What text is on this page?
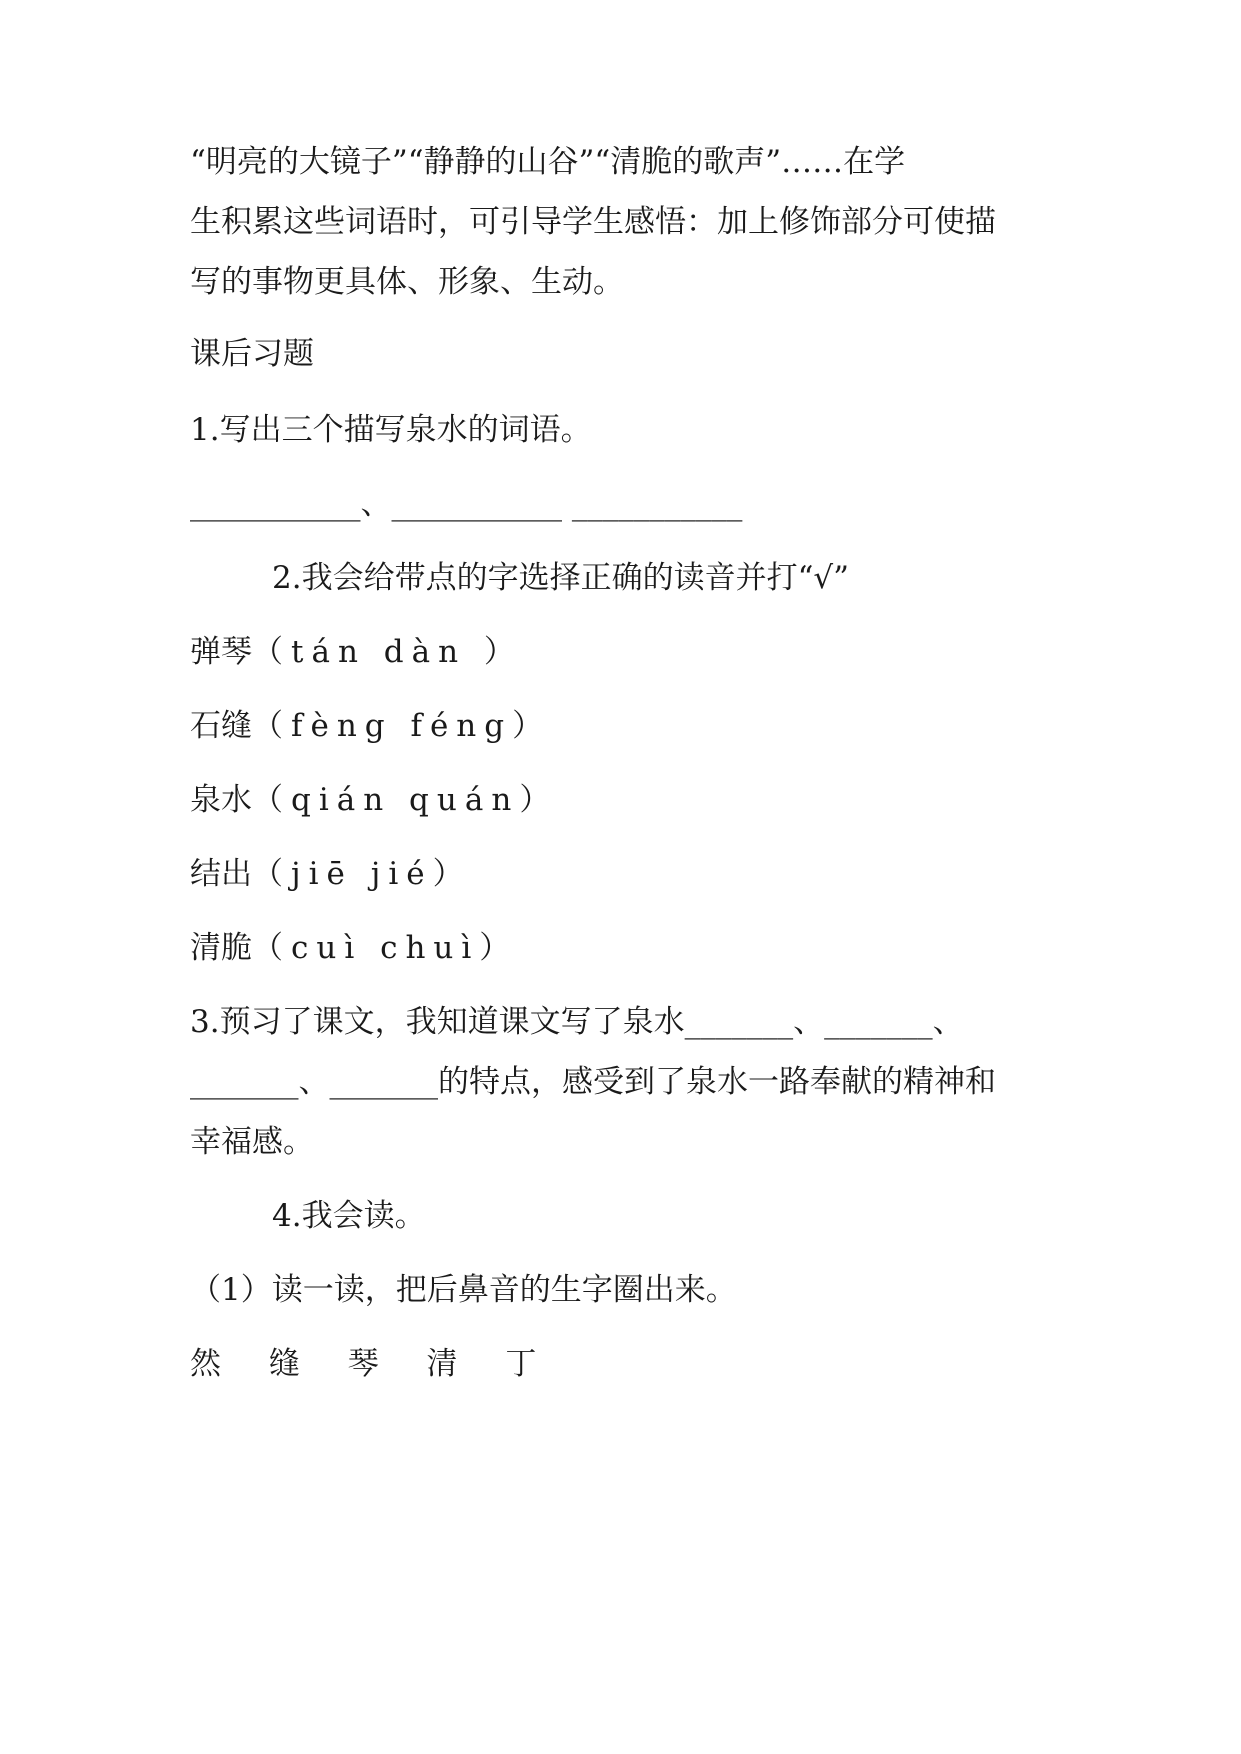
“明亮的大镜子”“静静的山谷”“清脆的歌声”……在学
生积累这些词语时，可引导学生感悟：加上修饰部分可使描
写的事物更具体、形象、生动。
课后习题
1.写出三个描写泉水的词语。
___________、___________ ___________
2.我会给带点的字选择正确的读音并打“√”
弹琴（tán dàn ）
石缝（fèng féng）
泉水（qián quán）
结出（jiē jié）
清脆（cuì chuì）
3.预习了课文，我知道课文写了泉水_______、_______、
_______、_______的特点，感受到了泉水一路奉献的精神和
幸福感。
4.我会读。
（1）读一读，把后鼻音的生字圈出来。
然 缝 琴 清 丁
